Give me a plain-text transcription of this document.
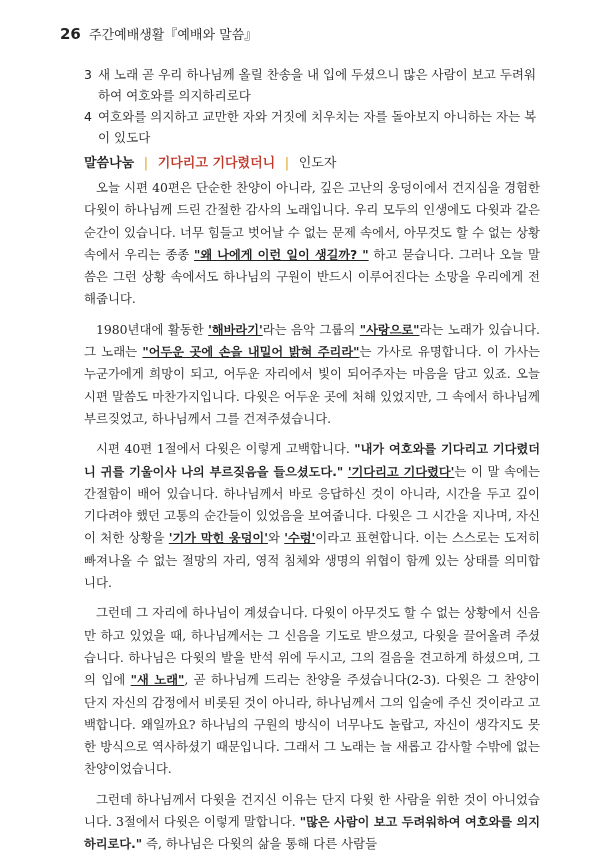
26 주간예배생활『예배와 말씀』
3 새 노래 곧 우리 하나님께 올릴 찬송을 내 입에 두셨으니 많은 사람이 보고 두려워하여 여호와를 의지하리로다
4 여호와를 의지하고 교만한 자와 거짓에 치우치는 자를 돌아보지 아니하는 자는 복이 있도다
말씀나눔 | 기다리고 기다렸더니 | 인도자

오늘 시편 40편은 단순한 찬양이 아니라, 깊은 고난의 웅덩이에서 건지심을 경험한 다윗이 하나님께 드린 간절한 감사의 노래입니다. 우리 모두의 인생에도 다윗과 같은 순간이 있습니다. 너무 힘들고 벗어날 수 없는 문제 속에서, 아무것도 할 수 없는 상황 속에서 우리는 종종 "왜 나에게 이런 일이 생길까? " 하고 묻습니다. 그러나 오늘 말씀은 그런 상황 속에서도 하나님의 구원이 반드시 이루어진다는 소망을 우리에게 전해줍니다.

1980년대에 활동한 '해바라기'라는 음악 그룹의 "사랑으로"라는 노래가 있습니다. 그 노래는 "어두운 곳에 손을 내밀어 밝혀 주리라"는 가사로 유명합니다. 이 가사는 누군가에게 희망이 되고, 어두운 자리에서 빛이 되어주자는 마음을 담고 있죠. 오늘 시편 말씀도 마찬가지입니다. 다윗은 어두운 곳에 처해 있었지만, 그 속에서 하나님께 부르짖었고, 하나님께서 그를 건져주셨습니다.

시편 40편 1절에서 다윗은 이렇게 고백합니다. "내가 여호와를 기다리고 기다렸더니 귀를 기울이사 나의 부르짖음을 들으셨도다." '기다리고 기다렸다'는 이 말 속에는 간절함이 배어 있습니다. 하나님께서 바로 응답하신 것이 아니라, 시간을 두고 깊이 기다려야 했던 고통의 순간들이 있었음을 보여줍니다. 다윗은 그 시간을 지나며, 자신이 처한 상황을 '기가 막힌 웅덩이'와 '수렁'이라고 표현합니다. 이는 스스로는 도저히 빠져나올 수 없는 절망의 자리, 영적 침체와 생명의 위협이 함께 있는 상태를 의미합니다.

그런데 그 자리에 하나님이 계셨습니다. 다윗이 아무것도 할 수 없는 상황에서 신음만 하고 있었을 때, 하나님께서는 그 신음을 기도로 받으셨고, 다윗을 끌어올려 주셨습니다. 하나님은 다윗의 발을 반석 위에 두시고, 그의 걸음을 견고하게 하셨으며, 그의 입에 "새 노래", 곧 하나님께 드리는 찬양을 주셨습니다(2-3). 다윗은 그 찬양이 단지 자신의 감정에서 비롯된 것이 아니라, 하나님께서 그의 입술에 주신 것이라고 고백합니다. 왜일까요? 하나님의 구원의 방식이 너무나도 놀랍고, 자신이 생각지도 못한 방식으로 역사하셨기 때문입니다. 그래서 그 노래는 늘 새롭고 감사할 수밖에 없는 찬양이었습니다.

그런데 하나님께서 다윗을 건지신 이유는 단지 다윗 한 사람을 위한 것이 아니었습니다. 3절에서 다윗은 이렇게 말합니다. "많은 사람이 보고 두려워하여 여호와를 의지하리로다." 즉, 하나님은 다윗의 삶을 통해 다른 사람들
